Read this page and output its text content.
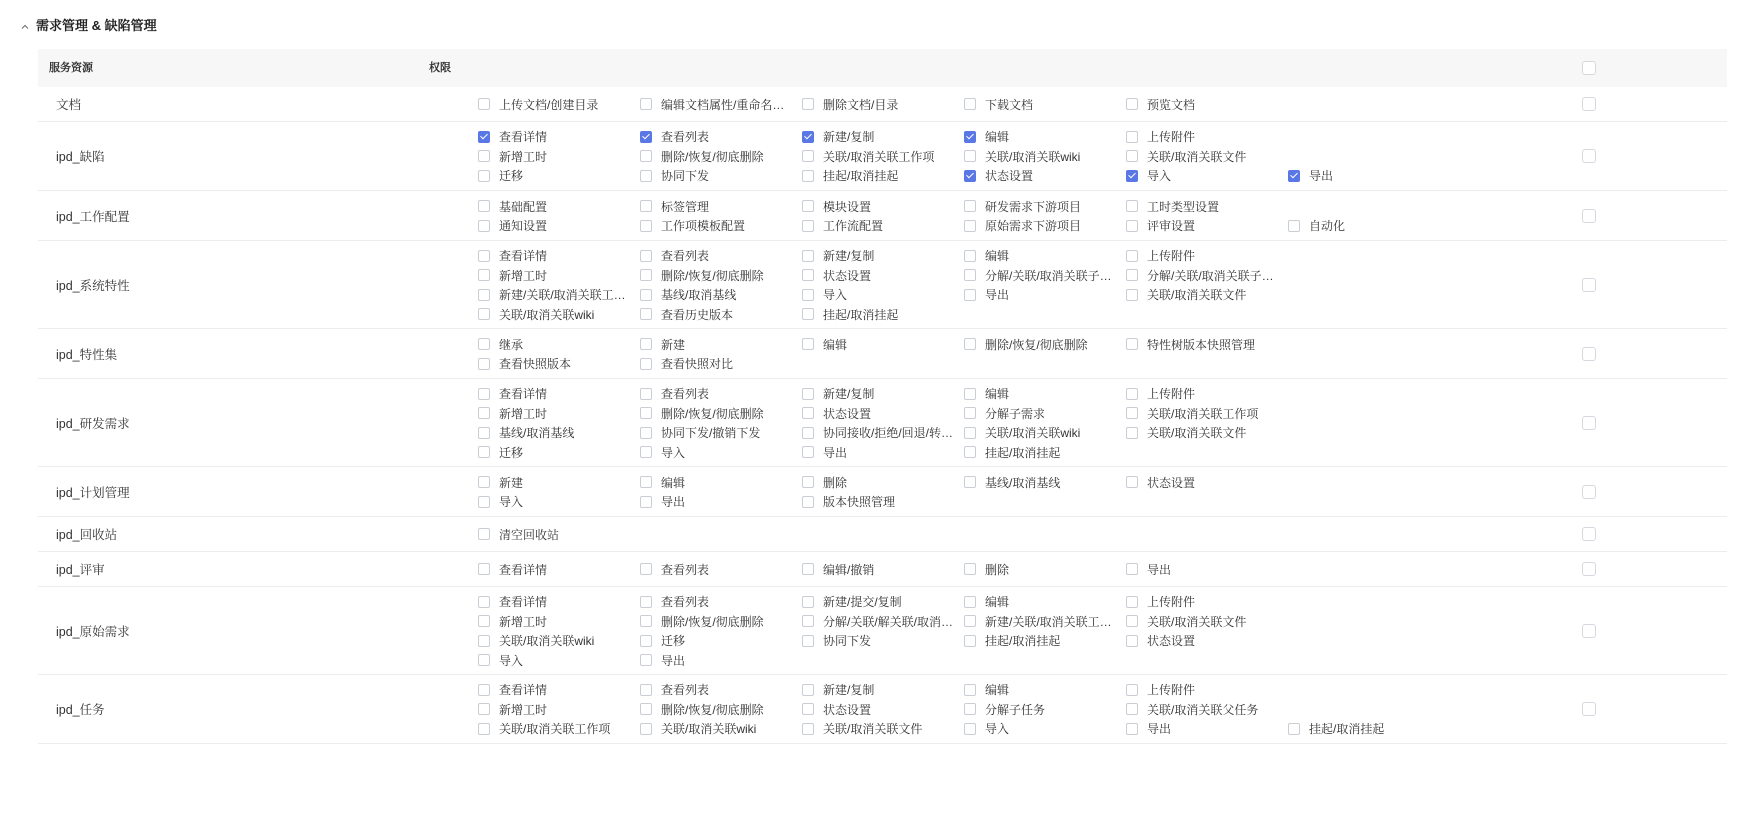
需求管理 & 缺陷管理
服务资源	权限
文档	上传文档/创建目录	编辑文档属性/重命名…	删除文档/目录	下载文档	预览文档
ipd_缺陷
查看详情	查看列表	新建/复制	编辑	上传附件
新增工时	删除/恢复/彻底删除	关联/取消关联工作项	关联/取消关联wiki	关联/取消关联文件
迁移	协同下发	挂起/取消挂起	状态设置	导入	导出
ipd_工作配置
基础配置	标签管理	模块设置	研发需求下游项目	工时类型设置
通知设置	工作项模板配置	工作流配置	原始需求下游项目	评审设置	自动化
ipd_系统特性
查看详情	查看列表	新建/复制	编辑	上传附件
新增工时	删除/恢复/彻底删除	状态设置	分解/关联/取消关联子…	分解/关联/取消关联子…
新建/关联/取消关联工…	基线/取消基线	导入	导出	关联/取消关联文件
关联/取消关联wiki	查看历史版本	挂起/取消挂起
ipd_特性集
继承	新建	编辑	删除/恢复/彻底删除	特性树版本快照管理
查看快照版本	查看快照对比
ipd_研发需求
查看详情	查看列表	新建/复制	编辑	上传附件
新增工时	删除/恢复/彻底删除	状态设置	分解子需求	关联/取消关联工作项
基线/取消基线	协同下发/撤销下发	协同接收/拒绝/回退/转…	关联/取消关联wiki	关联/取消关联文件
迁移	导入	导出	挂起/取消挂起
ipd_计划管理
新建	编辑	删除	基线/取消基线	状态设置
导入	导出	版本快照管理
ipd_回收站	清空回收站
ipd_评审	查看详情	查看列表	编辑/撤销	删除	导出
ipd_原始需求
查看详情	查看列表	新建/提交/复制	编辑	上传附件
新增工时	删除/恢复/彻底删除	分解/关联/解关联/取消…	新建/关联/取消关联工…	关联/取消关联文件
关联/取消关联wiki	迁移	协同下发	挂起/取消挂起	状态设置
导入	导出
ipd_任务
查看详情	查看列表	新建/复制	编辑	上传附件
新增工时	删除/恢复/彻底删除	状态设置	分解子任务	关联/取消关联父任务
关联/取消关联工作项	关联/取消关联wiki	关联/取消关联文件	导入	导出	挂起/取消挂起
